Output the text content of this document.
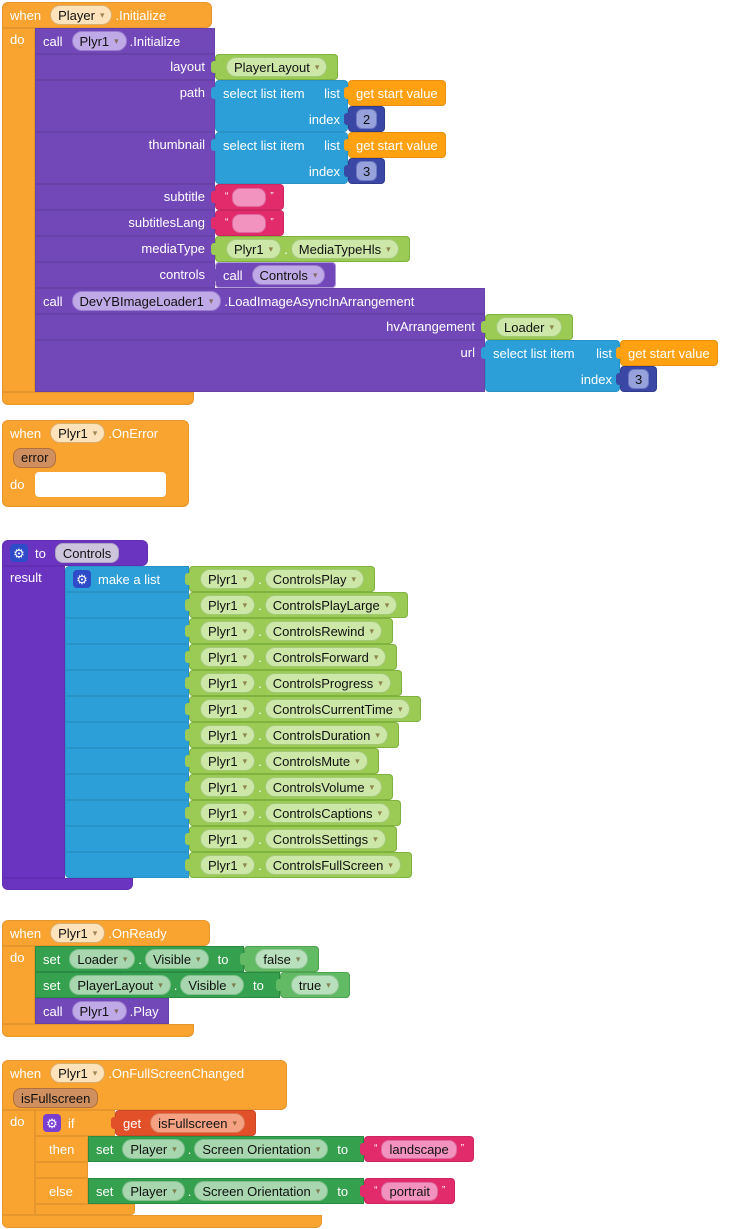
when Player
▾ .Initialize
do call Plyr1
▾ .Initialize
layout PlayerLayout
▾
path select list item list
index
get start value
2
thumbnail select list item list
index
get start value
3
subtitle “	”
subtitlesLang “	”
mediaType Plyr1
▾ . MediaTypeHls
▾
controls call Controls
▾
call DevYBImageLoader1
▾ .LoadImageAsyncInArrangement
hvArrangement Loader
▾
url select list item list
index
get start value
3
when Plyr1
▾ .OnError
error
do
⚙
to Controls
result ⚙	make a list	Plyr1
▾ . ControlsPlay
▾
Plyr1
▾ . ControlsPlayLarge
▾
Plyr1
▾ . ControlsRewind
▾
Plyr1
▾ . ControlsForward
▾
Plyr1
▾ . ControlsProgress
▾
Plyr1
▾ . ControlsCurrentTime
▾
Plyr1
▾ . ControlsDuration
▾
Plyr1
▾ . ControlsMute
▾
Plyr1
▾ . ControlsVolume
▾
Plyr1
▾ . ControlsCaptions
▾
Plyr1
▾ . ControlsSettings
▾
Plyr1
▾ . ControlsFullScreen
▾
when Plyr1
▾ .OnReady
do set Loader
▾ . Visible
▾ to	false
▾
set PlayerLayout
▾ . Visible
▾ to	true
▾
call Plyr1
▾ .Play
when Plyr1
▾ .OnFullScreenChanged
isFullscreen
do ⚙	if	get isFullscreen
▾
then set Player
▾ . Screen Orientation
▾ to	“ landscape ”
else set Player
▾ . Screen Orientation
▾ to	“ portrait ”
